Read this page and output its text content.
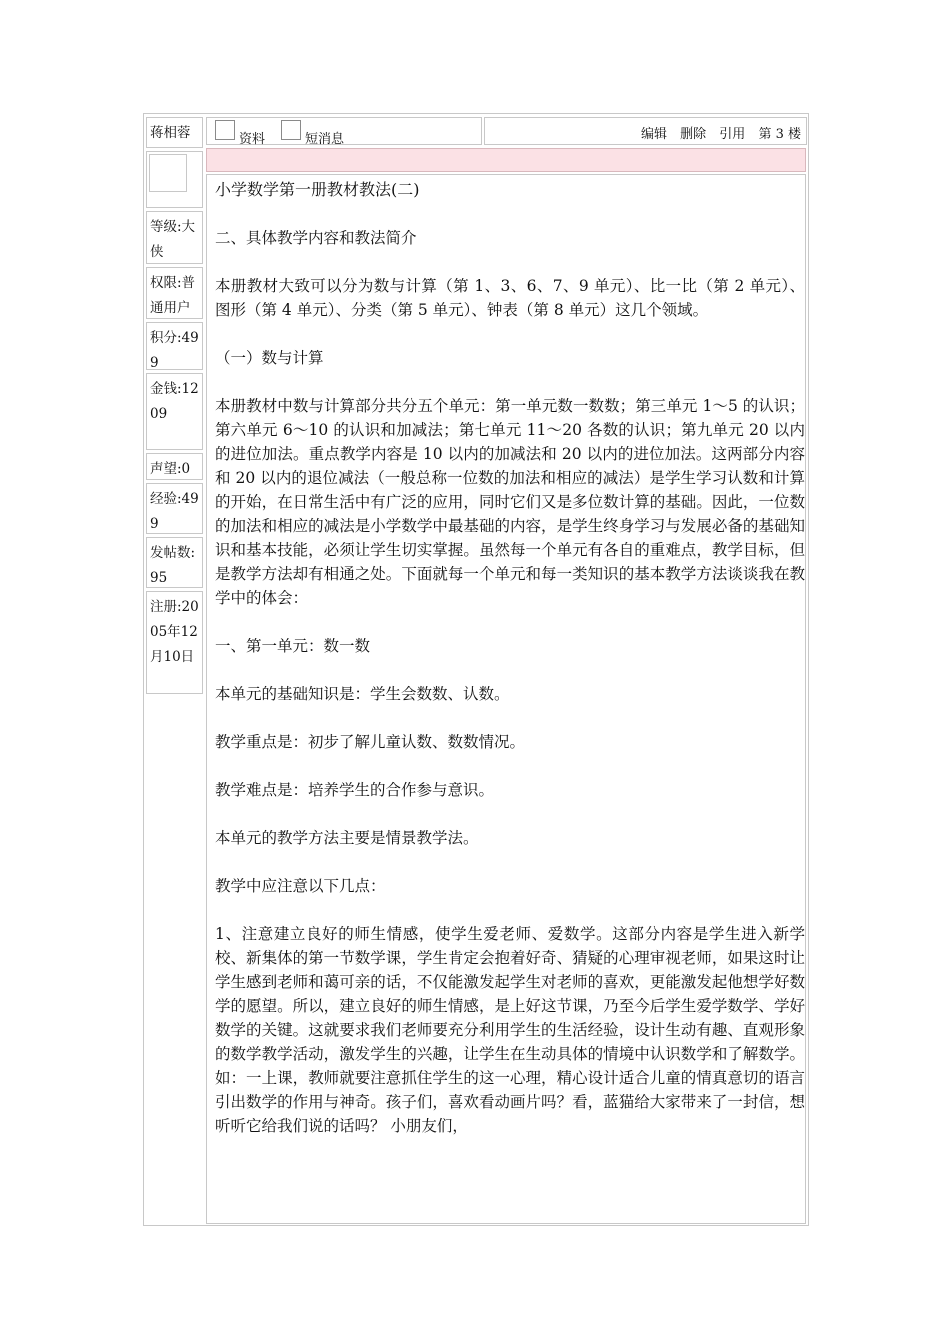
蒋相蓉
等级:大侠
权限:普通用户
积分:499
金钱:1209
声望:0
经验:499
发帖数:95
注册:2005年12月10日
资料	短消息	编辑 删除 引用 第 3 楼

小学数学第一册教材教法(二)

二、具体教学内容和教法简介

本册教材大致可以分为数与计算（第 1、3、6、7、9 单元）、比一比（第 2 单元）、图形（第 4 单元）、分类（第 5 单元）、钟表（第 8 单元）这几个领域。

（一）数与计算

本册教材中数与计算部分共分五个单元：第一单元数一数数；第三单元 1～5 的认识；第六单元 6～10 的认识和加减法；第七单元 11～20 各数的认识；第九单元 20 以内的进位加法。重点教学内容是 10 以内的加减法和 20 以内的进位加法。这两部分内容和 20 以内的退位减法（一般总称一位数的加法和相应的减法）是学生学习认数和计算的开始，在日常生活中有广泛的应用，同时它们又是多位数计算的基础。因此，一位数的加法和相应的减法是小学数学中最基础的内容，是学生终身学习与发展必备的基础知识和基本技能，必须让学生切实掌握。虽然每一个单元有各自的重难点，教学目标，但是教学方法却有相通之处。下面就每一个单元和每一类知识的基本教学方法谈谈我在教学中的体会：

一、第一单元：数一数

本单元的基础知识是：学生会数数、认数。

教学重点是：初步了解儿童认数、数数情况。

教学难点是：培养学生的合作参与意识。

本单元的教学方法主要是情景教学法。

教学中应注意以下几点：

1、注意建立良好的师生情感，使学生爱老师、爱数学。这部分内容是学生进入新学校、新集体的第一节数学课，学生肯定会抱着好奇、猜疑的心理审视老师，如果这时让学生感到老师和蔼可亲的话，不仅能激发起学生对老师的喜欢，更能激发起他想学好数学的愿望。所以，建立良好的师生情感，是上好这节课，乃至今后学生爱学数学、学好数学的关键。这就要求我们老师要充分利用学生的生活经验，设计生动有趣、直观形象的数学教学活动，激发学生的兴趣，让学生在生动具体的情境中认识数学和了解数学。如：一上课，教师就要注意抓住学生的这一心理，精心设计适合儿童的情真意切的语言引出数学的作用与神奇。孩子们，喜欢看动画片吗？看，蓝猫给大家带来了一封信，想听听它给我们说的话吗？ 小朋友们，
